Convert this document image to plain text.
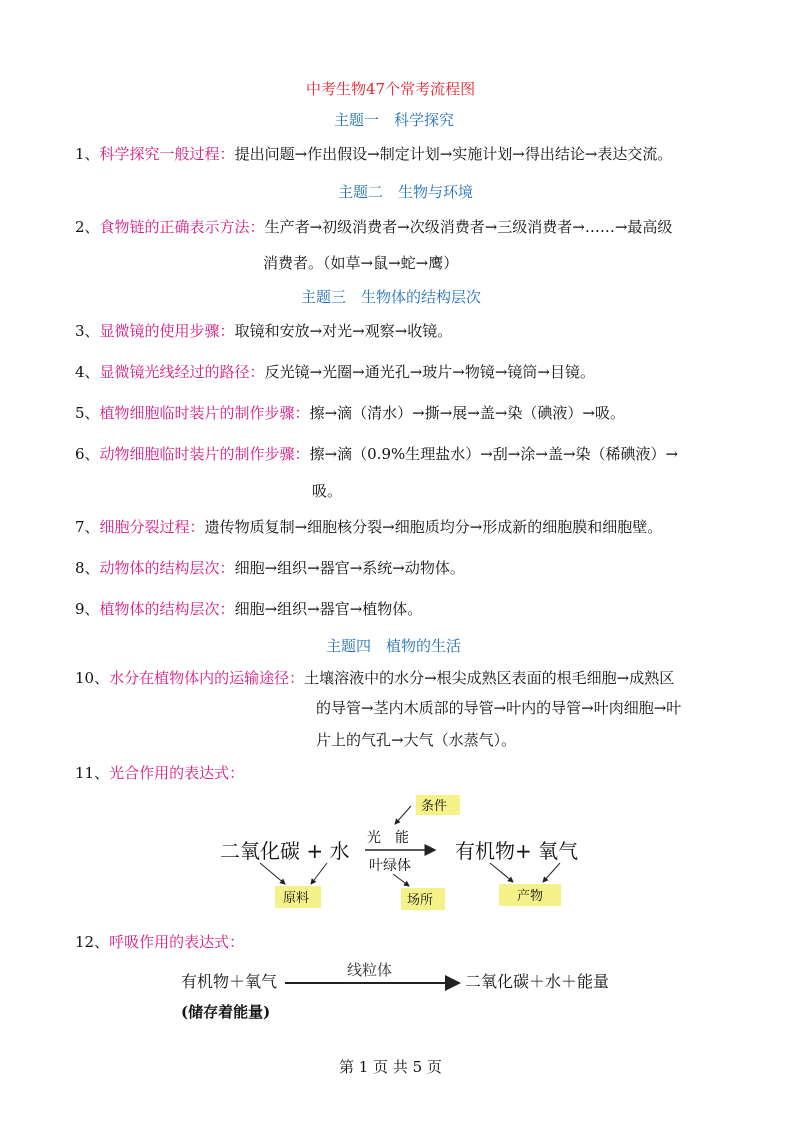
中考生物47个常考流程图
主题一　科学探究
1、科学探究一般过程：提出问题→作出假设→制定计划→实施计划→得出结论→表达交流。
主题二　生物与环境
2、食物链的正确表示方法：生产者→初级消费者→次级消费者→三级消费者→……→最高级
消费者。（如草→鼠→蛇→鹰）
主题三　生物体的结构层次
3、显微镜的使用步骤：取镜和安放→对光→观察→收镜。
4、显微镜光线经过的路径：反光镜→光圈→通光孔→玻片→物镜→镜筒→目镜。
5、植物细胞临时装片的制作步骤：擦→滴（清水）→撕→展→盖→染（碘液）→吸。
6、动物细胞临时装片的制作步骤：擦→滴（0.9%生理盐水）→刮→涂→盖→染（稀碘液）→
吸。
7、细胞分裂过程：遗传物质复制→细胞核分裂→细胞质均分→形成新的细胞膜和细胞壁。
8、动物体的结构层次：细胞→组织→器官→系统→动物体。
9、植物体的结构层次：细胞→组织→器官→植物体。
主题四　植物的生活
10、水分在植物体内的运输途径：土壤溶液中的水分→根尖成熟区表面的根毛细胞→成熟区
的导管→茎内木质部的导管→叶内的导管→叶肉细胞→叶
片上的气孔→大气（水蒸气）。
11、光合作用的表达式：
二氧化碳 + 水
光　能
叶绿体
有机物+ 氧气
条件
原料	场所	产物
12、呼吸作用的表达式：
有机物＋氧气
线粒体
二氧化碳＋水＋能量
(储存着能量)
第 1 页 共 5 页
